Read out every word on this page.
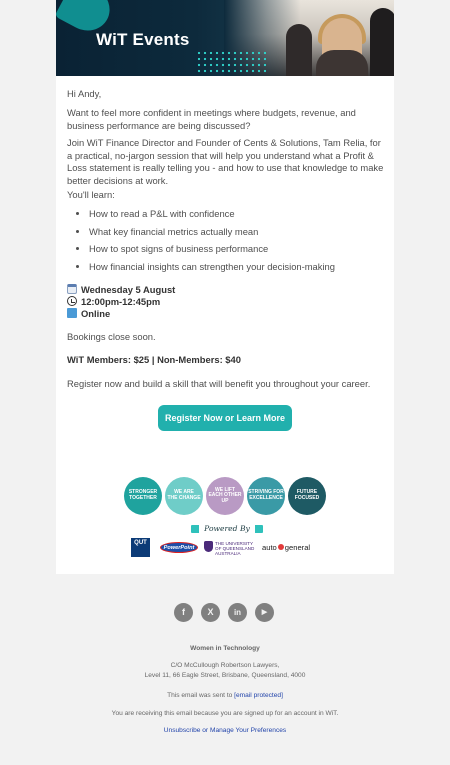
WiT Events
Hi Andy,
Want to feel more confident in meetings where budgets, revenue, and business performance are being discussed?
Join WiT Finance Director and Founder of Cents & Solutions, Tam Relia, for a practical, no-jargon session that will help you understand what a Profit & Loss statement is really telling you - and how to use that knowledge to make better decisions at work.
You'll learn:
• How to read a P&L with confidence
• What key financial metrics actually mean
• How to spot signs of business performance
• How financial insights can strengthen your decision-making
Wednesday 5 August
12:00pm-12:45pm
Online
Bookings close soon.
WiT Members: $25 | Non-Members: $40
Register now and build a skill that will benefit you throughout your career.
Register Now or Learn More
STRONGER
TOGETHER
WE ARE
THE CHANGE
WE LIFT
EACH OTHER UP
STRIVING FOR
EXCELLENCE
FUTURE
FOCUSED
Powered By
QUT
PowerPoint
THE UNIVERSITY
OF QUEENSLAND
AUSTRALIA
auto general
f	X	in	▶
Women in Technology
C/O McCullough Robertson Lawyers,
Level 11, 66 Eagle Street, Brisbane, Queensland, 4000
This email was sent to [email protected]
You are receiving this email because you are signed up for an account in WiT.
Unsubscribe or Manage Your Preferences
